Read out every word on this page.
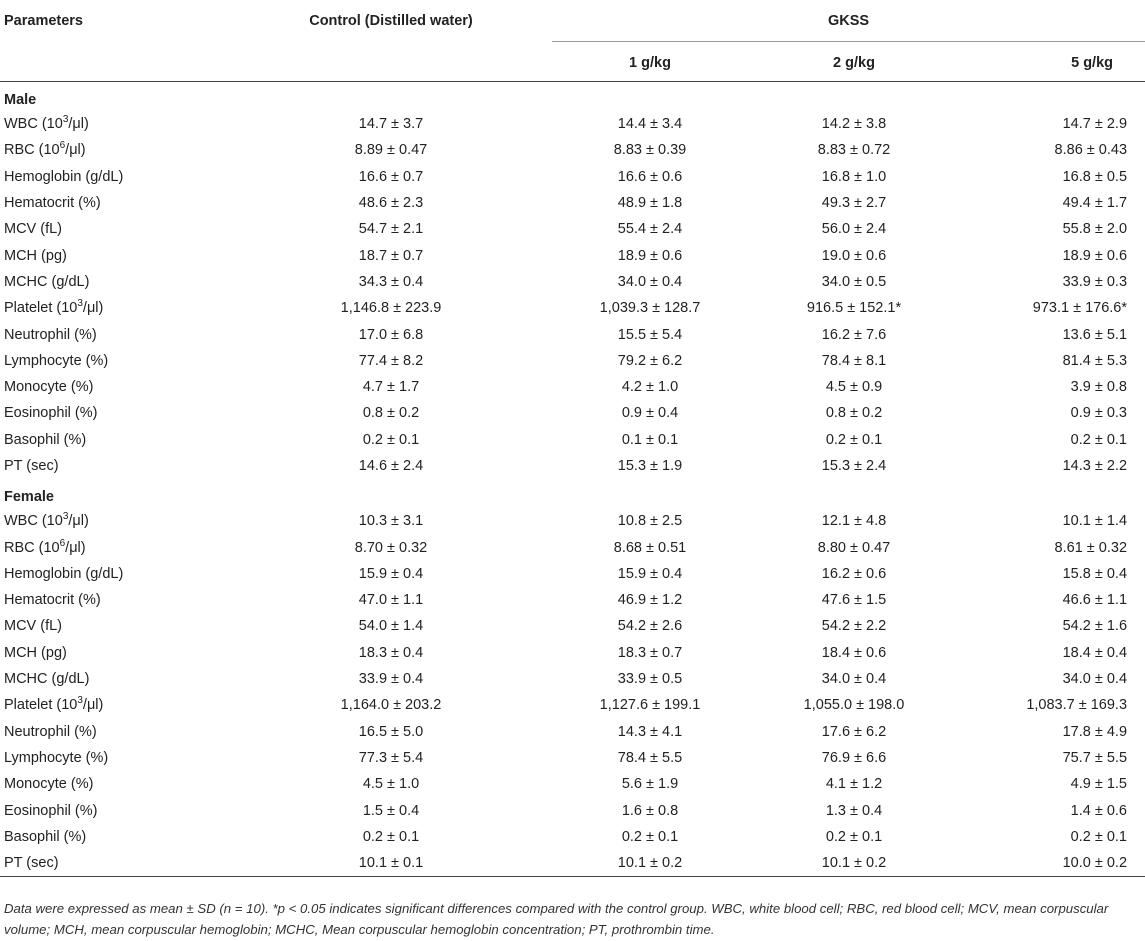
Parameters	Control (Distilled water)	GKSS		

		1 g/kg	2 g/kg	5 g/kg
Male				
WBC $(10^3/\mu l)$	14.7 ± 3.7	14.4 ± 3.4	14.2 ± 3.8	14.7 ± 2.9
RBC $(10^6/\mu l)$	8.89 ± 0.47	8.83 ± 0.39	8.83 ± 0.72	8.86 ± 0.43
Hemoglobin (g/dL)	16.6 ± 0.7	16.6 ± 0.6	16.8 ± 1.0	16.8 ± 0.5
Hematocrit (%)	48.6 ± 2.3	48.9 ± 1.8	49.3 ± 2.7	49.4 ± 1.7
MCV (fL)	54.7 ± 2.1	55.4 ± 2.4	56.0 ± 2.4	55.8 ± 2.0
MCH (pg)	18.7 ± 0.7	18.9 ± 0.6	19.0 ± 0.6	18.9 ± 0.6
MCHC (g/dL)	34.3 ± 0.4	34.0 ± 0.4	34.0 ± 0.5	33.9 ± 0.3
Platelet $(10^3/\mu l)$	1,146.8 ± 223.9	1,039.3 ± 128.7	916.5 ± 152.1*	973.1 ± 176.6*
Neutrophil (%)	17.0 ± 6.8	15.5 ± 5.4	16.2 ± 7.6	13.6 ± 5.1
Lymphocyte (%)	77.4 ± 8.2	79.2 ± 6.2	78.4 ± 8.1	81.4 ± 5.3
Monocyte (%)	4.7 ± 1.7	4.2 ± 1.0	4.5 ± 0.9	3.9 ± 0.8
Eosinophil (%)	0.8 ± 0.2	0.9 ± 0.4	0.8 ± 0.2	0.9 ± 0.3
Basophil (%)	0.2 ± 0.1	0.1 ± 0.1	0.2 ± 0.1	0.2 ± 0.1
PT (sec)	14.6 ± 2.4	15.3 ± 1.9	15.3 ± 2.4	14.3 ± 2.2
Female				
WBC $(10^3/\mu l)$	10.3 ± 3.1	10.8 ± 2.5	12.1 ± 4.8	10.1 ± 1.4
RBC $(10^6/\mu l)$	8.70 ± 0.32	8.68 ± 0.51	8.80 ± 0.47	8.61 ± 0.32
Hemoglobin (g/dL)	15.9 ± 0.4	15.9 ± 0.4	16.2 ± 0.6	15.8 ± 0.4
Hematocrit (%)	47.0 ± 1.1	46.9 ± 1.2	47.6 ± 1.5	46.6 ± 1.1
MCV (fL)	54.0 ± 1.4	54.2 ± 2.6	54.2 ± 2.2	54.2 ± 1.6
MCH (pg)	18.3 ± 0.4	18.3 ± 0.7	18.4 ± 0.6	18.4 ± 0.4
MCHC (g/dL)	33.9 ± 0.4	33.9 ± 0.5	34.0 ± 0.4	34.0 ± 0.4
Platelet $(10^3/\mu l)$	1,164.0 ± 203.2	1,127.6 ± 199.1	1,055.0 ± 198.0	1,083.7 ± 169.3
Neutrophil (%)	16.5 ± 5.0	14.3 ± 4.1	17.6 ± 6.2	17.8 ± 4.9
Lymphocyte (%)	77.3 ± 5.4	78.4 ± 5.5	76.9 ± 6.6	75.7 ± 5.5
Monocyte (%)	4.5 ± 1.0	5.6 ± 1.9	4.1 ± 1.2	4.9 ± 1.5
Eosinophil (%)	1.5 ± 0.4	1.6 ± 0.8	1.3 ± 0.4	1.4 ± 0.6
Basophil (%)	0.2 ± 0.1	0.2 ± 0.1	0.2 ± 0.1	0.2 ± 0.1
PT (sec)	10.1 ± 0.1	10.1 ± 0.2	10.1 ± 0.2	10.0 ± 0.2
Data were expressed as mean ± SD (n = 10). *p < 0.05 indicates significant differences compared with the control group. WBC, white blood cell; RBC, red blood cell; MCV, mean corpuscular volume; MCH, mean corpuscular hemoglobin; MCHC, Mean corpuscular hemoglobin concentration; PT, prothrombin time.
